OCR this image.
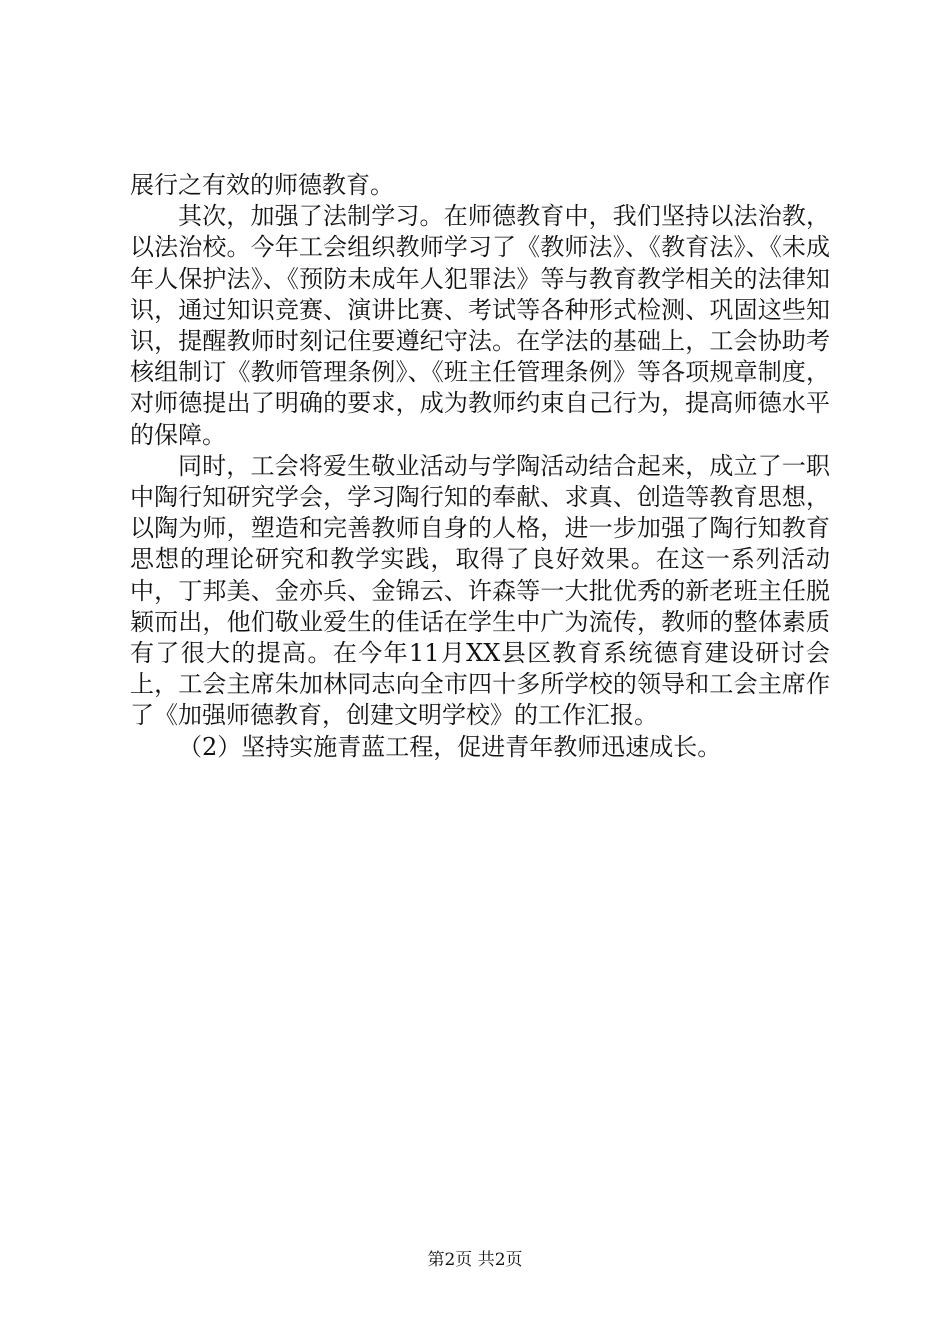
展行之有效的师德教育。

其次，加强了法制学习。在师德教育中，我们坚持以法治教，以法治校。今年工会组织教师学习了《教师法》、《教育法》、《未成年人保护法》、《预防未成年人犯罪法》等与教育教学相关的法律知识，通过知识竞赛、演讲比赛、考试等各种形式检测、巩固这些知识，提醒教师时刻记住要遵纪守法。在学法的基础上，工会协助考核组制订《教师管理条例》、《班主任管理条例》等各项规章制度，对师德提出了明确的要求，成为教师约束自己行为，提高师德水平的保障。

同时，工会将爱生敬业活动与学陶活动结合起来，成立了一职中陶行知研究学会，学习陶行知的奉献、求真、创造等教育思想，以陶为师，塑造和完善教师自身的人格，进一步加强了陶行知教育思想的理论研究和教学实践，取得了良好效果。在这一系列活动中，丁邦美、金亦兵、金锦云、许森等一大批优秀的新老班主任脱颖而出，他们敬业爱生的佳话在学生中广为流传，教师的整体素质有了很大的提高。在今年11月XX县区教育系统德育建设研讨会上，工会主席朱加林同志向全市四十多所学校的领导和工会主席作了《加强师德教育，创建文明学校》的工作汇报。

（2）坚持实施青蓝工程，促进青年教师迅速成长。

第2页 共2页
